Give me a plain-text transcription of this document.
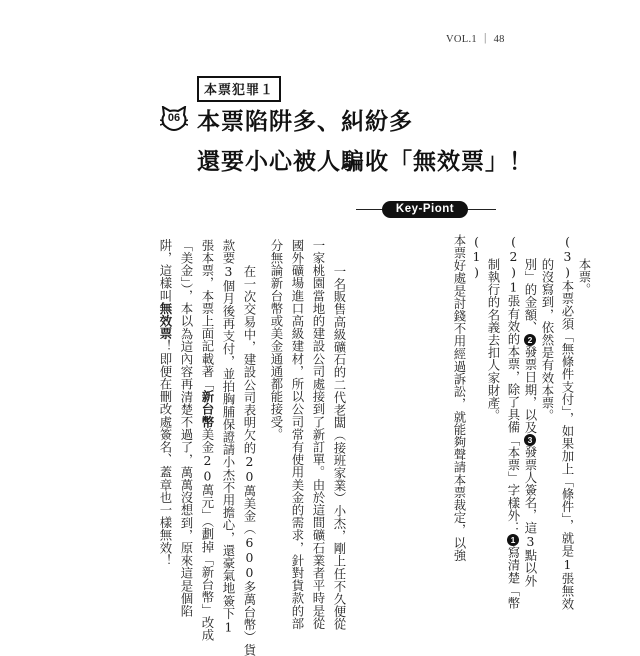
VOL.1 ｜ 48
本票犯罪１
06 本票陷阱多、糾紛多
還要小心被人騙收「無效票」！
Key-Piont
(1)
本票好處是討錢不用經過訴訟，就能夠聲請本票裁定，以強	制執行的名義去扣人家財產。
(2)1張有效的本票，除了具備「本票」字樣外：1寫清楚「幣
別」的金額、2發票日期，以及3發票人簽名，這3點以外
的沒寫到，依然是有效本票。
(3)本票必須「無條件支付」，如果加上「條件」，就是1張無效
本票。
一名販售高級礦石的二代老闆（接班家業）小杰，剛上任不久便從
一家桃園當地的建設公司處接到了新訂單。由於這間礦石業者平時是從
國外礦場進口高級建材，所以公司常有使用美金的需求，針對貨款的部
分無論新台幣或美金通通都能接受。
在一次交易中，建設公司表明欠的20萬美金（600多萬台幣）貨
款要3個月後再支付，並拍胸脯保證請小杰不用擔心，還豪氣地簽下1
張本票，本票上面記載著「新台幣美金20萬元」（劃掉「新台幣」改成
「美金」），本以為這內容再清楚不過了，萬萬沒想到，原來這是個陷
阱，這樣叫無效票！即便在刪改處簽名、蓋章也一樣無效！
